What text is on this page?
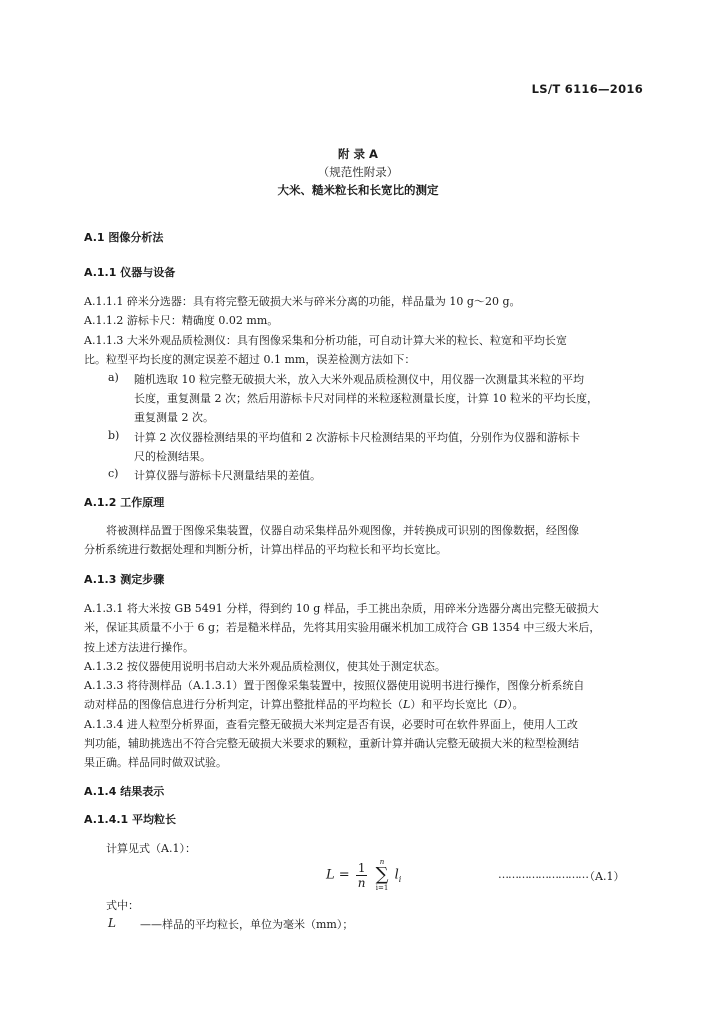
LS/T 6116—2016
附 录 A
（规范性附录）
大米、糙米粒长和长宽比的测定
A.1 图像分析法
A.1.1 仪器与设备
A.1.1.1 碎米分选器：具有将完整无破损大米与碎米分离的功能，样品量为 10 g～20 g。
A.1.1.2 游标卡尺：精确度 0.02 mm。
A.1.1.3 大米外观品质检测仪：具有图像采集和分析功能，可自动计算大米的粒长、粒宽和平均长宽
比。粒型平均长度的测定误差不超过 0.1 mm，误差检测方法如下：
a) 随机选取 10 粒完整无破损大米，放入大米外观品质检测仪中，用仪器一次测量其米粒的平均
长度，重复测量 2 次；然后用游标卡尺对同样的米粒逐粒测量长度，计算 10 粒米的平均长度，
重复测量 2 次。
b) 计算 2 次仪器检测结果的平均值和 2 次游标卡尺检测结果的平均值，分别作为仪器和游标卡
尺的检测结果。
c) 计算仪器与游标卡尺测量结果的差值。
A.1.2 工作原理
将被测样品置于图像采集装置，仪器自动采集样品外观图像，并转换成可识别的图像数据，经图像
分析系统进行数据处理和判断分析，计算出样品的平均粒长和平均长宽比。
A.1.3 测定步骤
A.1.3.1 将大米按 GB 5491 分样，得到约 10 g 样品，手工挑出杂质，用碎米分选器分离出完整无破损大
米，保证其质量不小于 6 g；若是糙米样品，先将其用实验用碾米机加工成符合 GB 1354 中三级大米后，
按上述方法进行操作。
A.1.3.2 按仪器使用说明书启动大米外观品质检测仪，使其处于测定状态。
A.1.3.3 将待测样品（A.1.3.1）置于图像采集装置中，按照仪器使用说明书进行操作，图像分析系统自
动对样品的图像信息进行分析判定，计算出整批样品的平均粒长（L）和平均长宽比（D）。
A.1.3.4 进人粒型分析界面，查看完整无破损大米判定是否有误，必要时可在软件界面上，使用人工改
判功能，辅助挑选出不符合完整无破损大米要求的颗粒，重新计算并确认完整无破损大米的粒型检测结
果正确。样品同时做双试验。
A.1.4 结果表示
A.1.4.1 平均粒长
计算见式（A.1）：
$L = \frac{1}{n}$
	n
∑
i=1
$l_i$	………………………
（A.1）
式中：
L ——样品的平均粒长，单位为毫米（mm）；
